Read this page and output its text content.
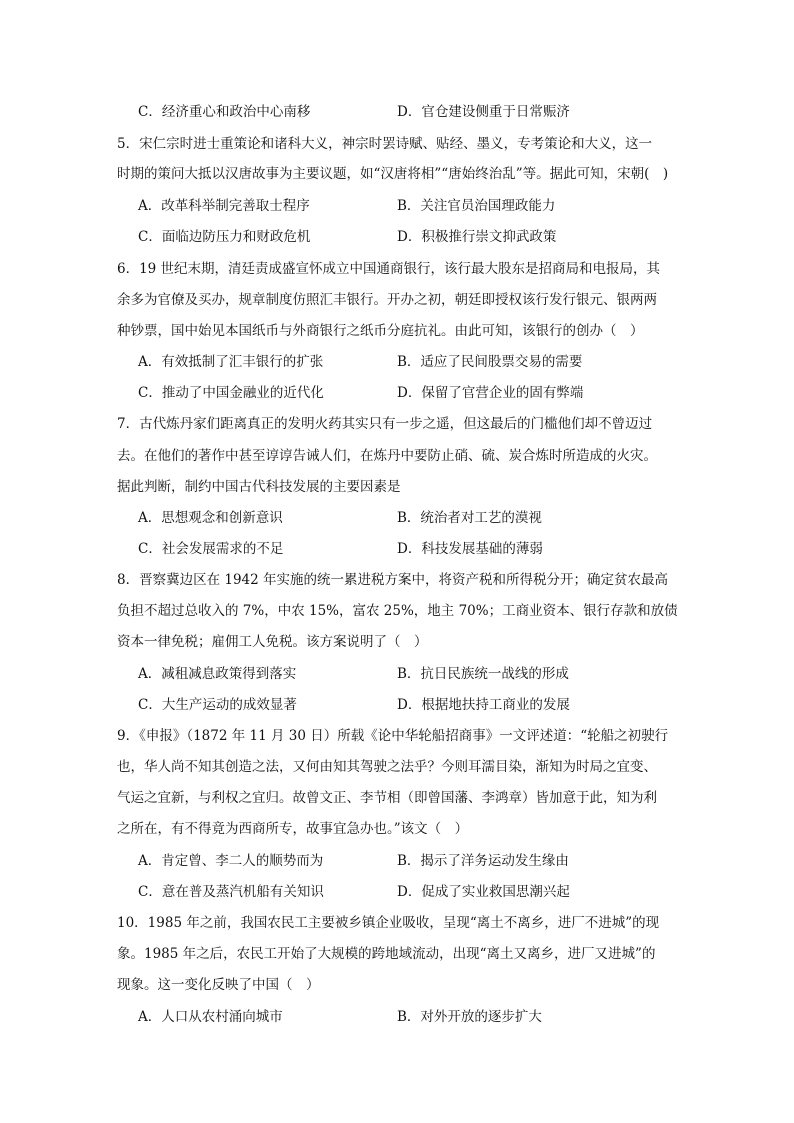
C．经济重心和政治中心南移	D．官仓建设侧重于日常赈济
5．宋仁宗时进士重策论和诸科大义，神宗时罢诗赋、贴经、墨义，专考策论和大义，这一
时期的策问大抵以汉唐故事为主要议题，如“汉唐将相”“唐始终治乱”等。据此可知，宋朝(　)
A．改革科举制完善取士程序	B．关注官员治国理政能力
C．面临边防压力和财政危机	D．积极推行崇文抑武政策
6．19 世纪末期，清廷责成盛宣怀成立中国通商银行，该行最大股东是招商局和电报局，其
余多为官僚及买办，规章制度仿照汇丰银行。开办之初，朝廷即授权该行发行银元、银两两
种钞票，国中始见本国纸币与外商银行之纸币分庭抗礼。由此可知，该银行的创办（　）
A．有效抵制了汇丰银行的扩张	B．适应了民间股票交易的需要
C．推动了中国金融业的近代化	D．保留了官营企业的固有弊端
7．古代炼丹家们距离真正的发明火药其实只有一步之遥，但这最后的门槛他们却不曾迈过
去。在他们的著作中甚至谆谆告诫人们，在炼丹中要防止硝、硫、炭合炼时所造成的火灾。
据此判断，制约中国古代科技发展的主要因素是
A．思想观念和创新意识	B．统治者对工艺的漠视
C．社会发展需求的不足	D．科技发展基础的薄弱
8．晋察冀边区在 1942 年实施的统一累进税方案中，将资产税和所得税分开；确定贫农最高
负担不超过总收入的 7%，中农 15%，富农 25%，地主 70%；工商业资本、银行存款和放债
资本一律免税；雇佣工人免税。该方案说明了（　）
A．减租减息政策得到落实	B．抗日民族统一战线的形成
C．大生产运动的成效显著	D．根据地扶持工商业的发展
9．《申报》（1872 年 11 月 30 日）所载《论中华轮船招商事》一文评述道：“轮船之初驶行
也，华人尚不知其创造之法，又何由知其驾驶之法乎？今则耳濡目染，渐知为时局之宜变、
气运之宜新，与利权之宜归。故曾文正、李节相（即曾国藩、李鸿章）皆加意于此，知为利
之所在，有不得竟为西商所专，故事宜急办也。”该文（　）
A．肯定曾、李二人的顺势而为	B．揭示了洋务运动发生缘由
C．意在普及蒸汽机船有关知识	D．促成了实业救国思潮兴起
10．1985 年之前，我国农民工主要被乡镇企业吸收，呈现“离土不离乡，进厂不进城”的现
象。1985 年之后，农民工开始了大规模的跨地域流动，出现“离土又离乡，进厂又进城”的
现象。这一变化反映了中国（　）
A．人口从农村涌向城市	B．对外开放的逐步扩大
